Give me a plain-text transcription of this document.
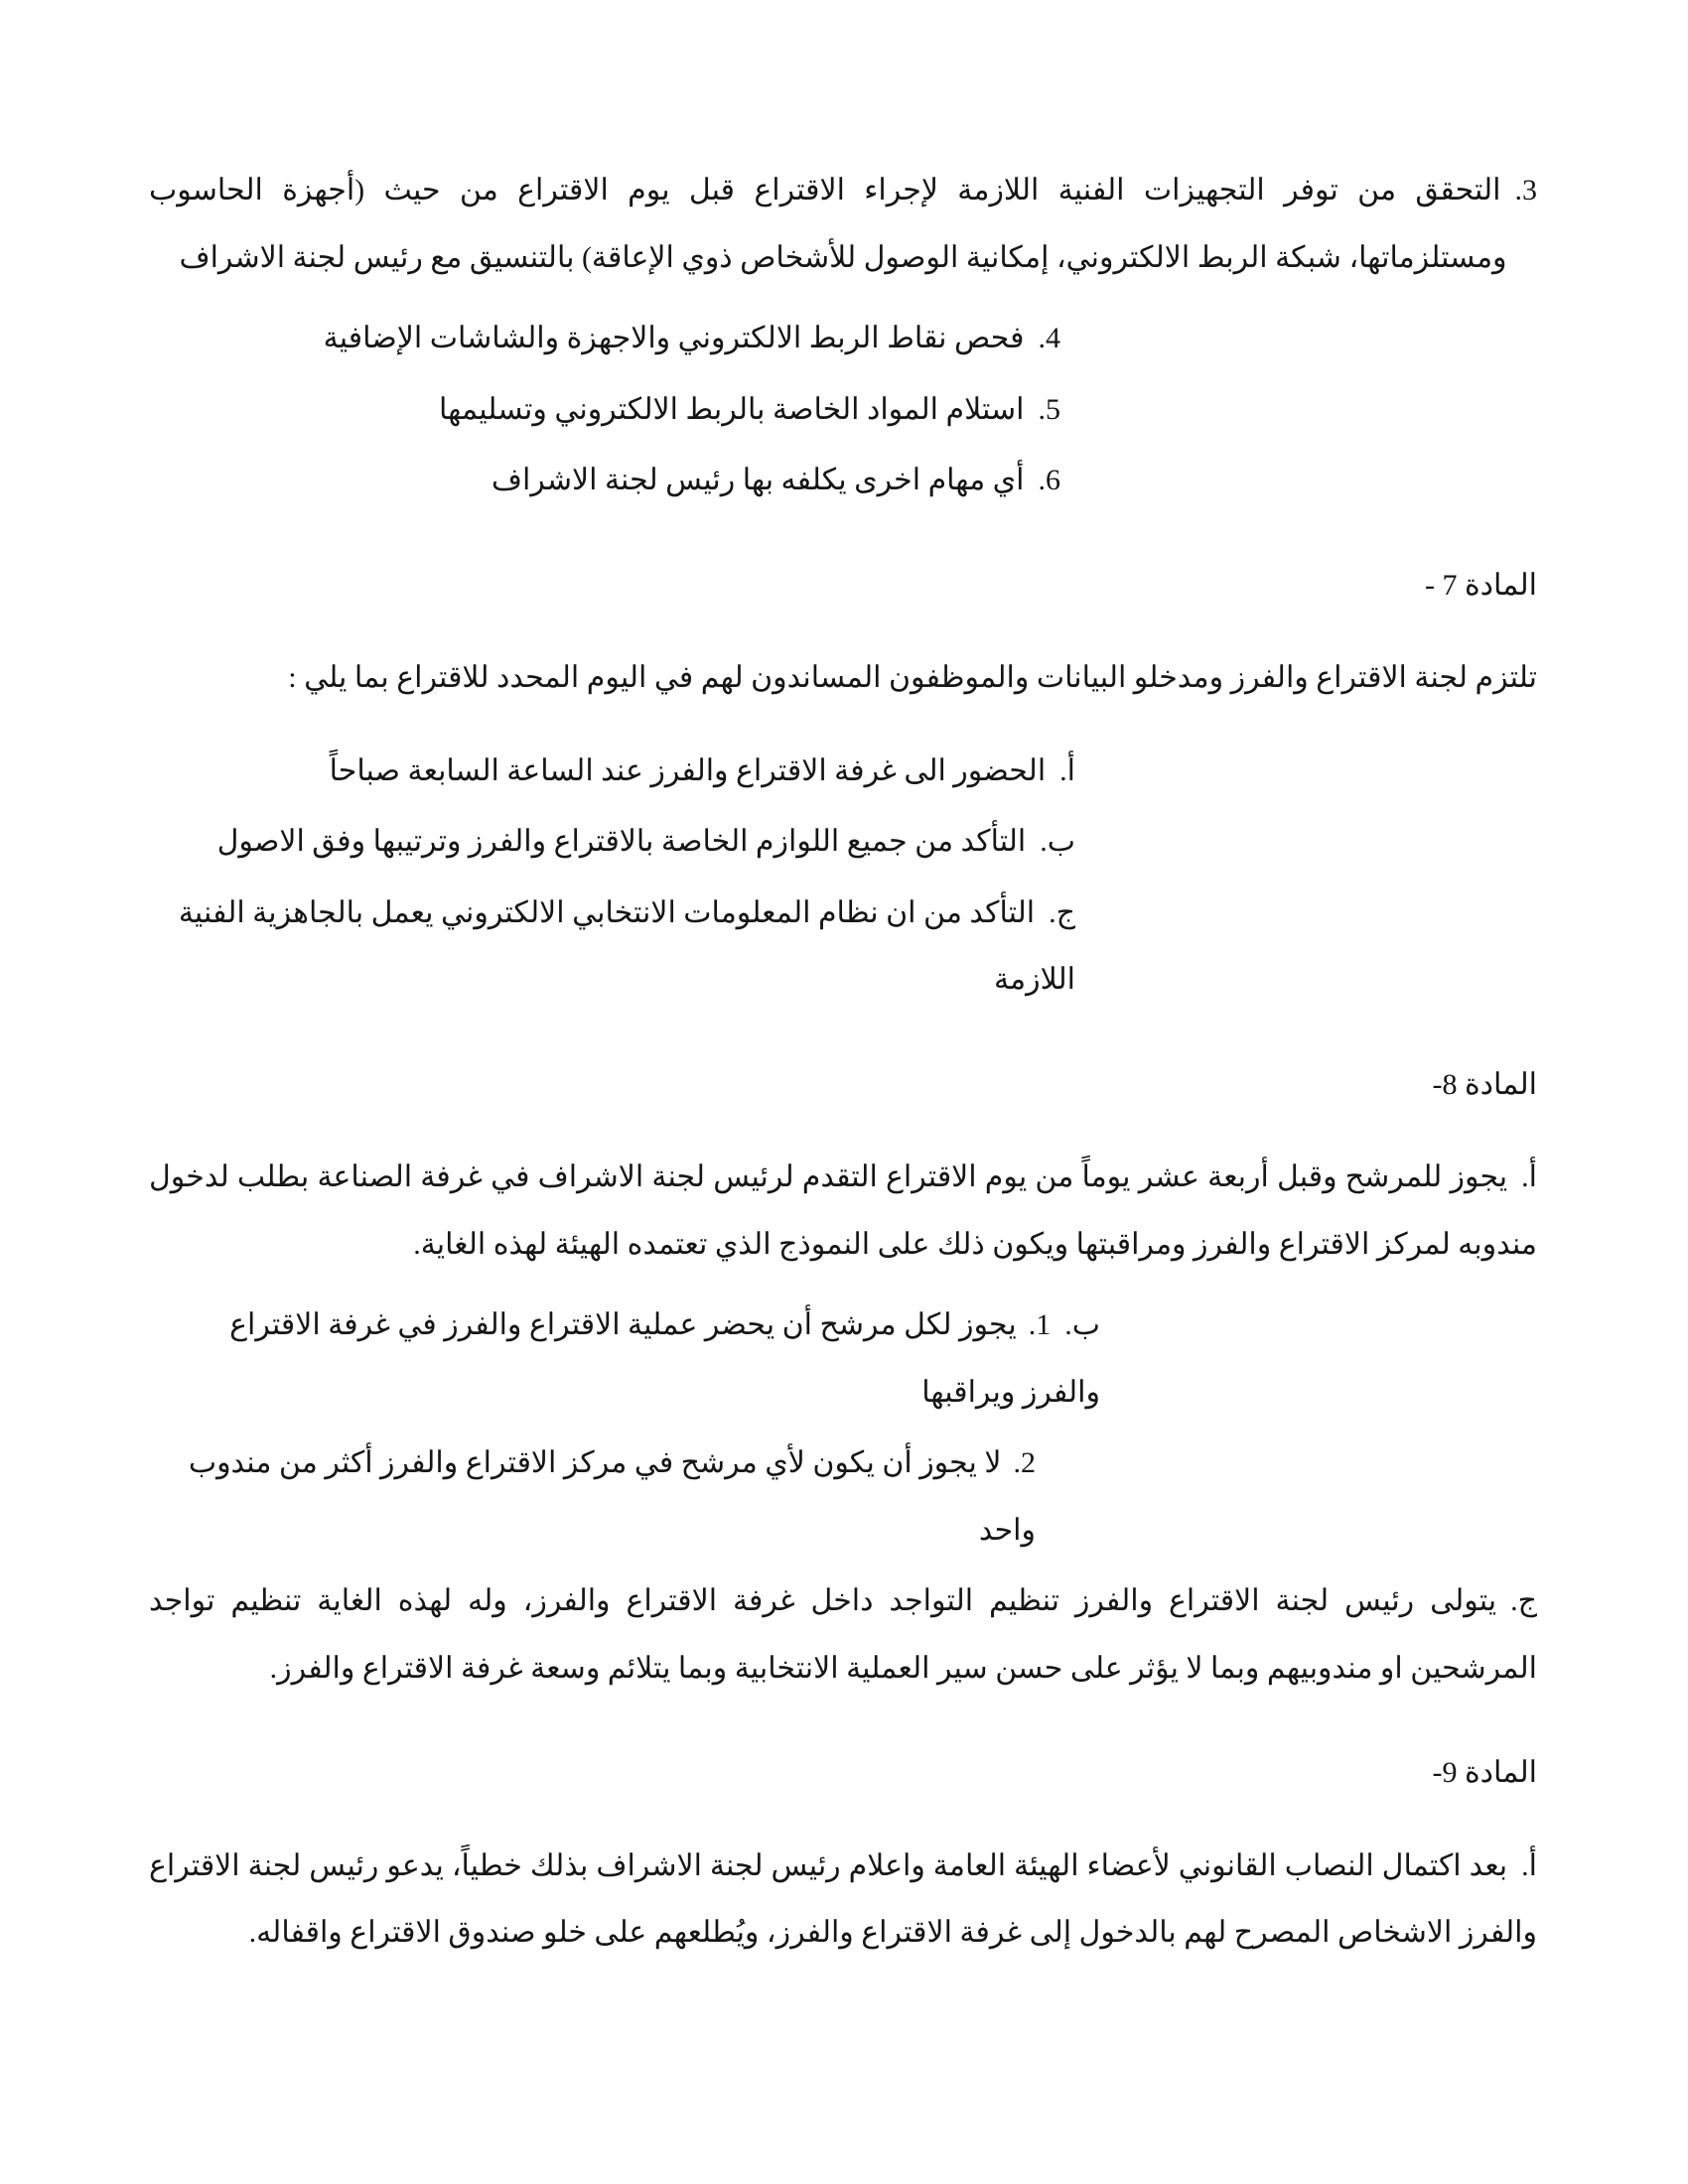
3.التحقق من توفر التجهيزات الفنية اللازمة لإجراء الاقتراع قبل يوم الاقتراع من حيث (أجهزة الحاسوب ومستلزماتها، شبكة الربط الالكتروني، إمكانية الوصول للأشخاص ذوي الإعاقة) بالتنسيق مع رئيس لجنة الاشراف

4.فحص نقاط الربط الالكتروني والاجهزة والشاشات الإضافية

5.استلام المواد الخاصة بالربط الالكتروني وتسليمها

6.أي مهام اخرى يكلفه بها رئيس لجنة الاشراف

المادة 7 -

تلتزم لجنة الاقتراع والفرز ومدخلو البيانات والموظفون المساندون لهم في اليوم المحدد للاقتراع بما يلي :

أ.الحضور الى غرفة الاقتراع والفرز عند الساعة السابعة صباحاً

ب.التأكد من جميع اللوازم الخاصة بالاقتراع والفرز وترتيبها وفق الاصول

ج.التأكد من ان نظام المعلومات الانتخابي الالكتروني يعمل بالجاهزية الفنية اللازمة

المادة 8-

أ.يجوز للمرشح وقبل أربعة عشر يوماً من يوم الاقتراع التقدم لرئيس لجنة الاشراف في غرفة الصناعة بطلب لدخول مندوبه لمركز الاقتراع والفرز ومراقبتها ويكون ذلك على النموذج الذي تعتمده الهيئة لهذه الغاية.

ب.1.يجوز لكل مرشح أن يحضر عملية الاقتراع والفرز في غرفة الاقتراع والفرز ويراقبها

2.لا يجوز أن يكون لأي مرشح في مركز الاقتراع والفرز أكثر من مندوب واحد

ج.يتولى رئيس لجنة الاقتراع والفرز تنظيم التواجد داخل غرفة الاقتراع والفرز، وله لهذه الغاية تنظيم تواجد المرشحين او مندوبيهم وبما لا يؤثر على حسن سير العملية الانتخابية وبما يتلائم وسعة غرفة الاقتراع والفرز.

المادة 9-

أ.بعد اكتمال النصاب القانوني لأعضاء الهيئة العامة واعلام رئيس لجنة الاشراف بذلك خطياً، يدعو رئيس لجنة الاقتراع والفرز الاشخاص المصرح لهم بالدخول إلى غرفة الاقتراع والفرز، ويُطلعهم على خلو صندوق الاقتراع واقفاله.
